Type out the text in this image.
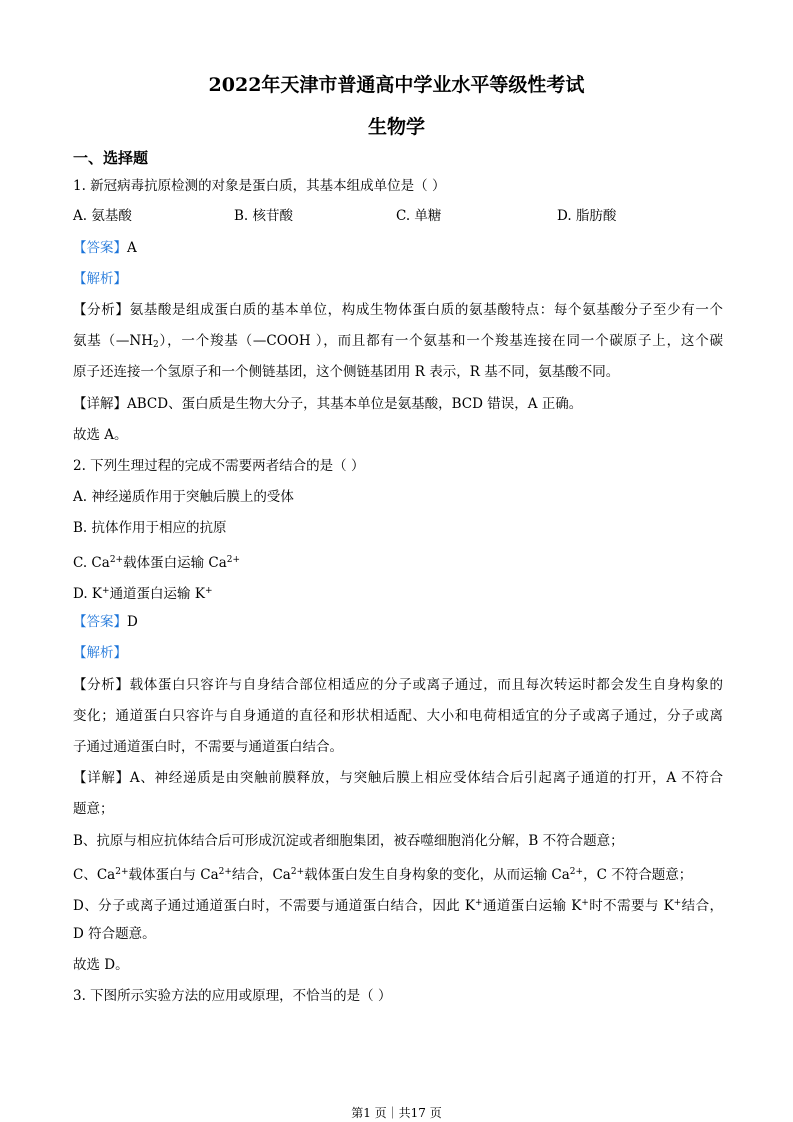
2022年天津市普通高中学业水平等级性考试
生物学
一、选择题
1. 新冠病毒抗原检测的对象是蛋白质，其基本组成单位是（ ）
A. 氨基酸	B. 核苷酸	C. 单糖	D. 脂肪酸
【答案】A
【解析】
【分析】氨基酸是组成蛋白质的基本单位，构成生物体蛋白质的氨基酸特点：每个氨基酸分子至少有一个
氨基$(—NH_2)$，一个羧基（—COOH ），而且都有一个氨基和一个羧基连接在同一个碳原子上，这个碳
原子还连接一个氢原子和一个侧链基团，这个侧链基团用 R 表示，R 基不同，氨基酸不同。
【详解】ABCD、蛋白质是生物大分子，其基本单位是氨基酸，BCD 错误，A 正确。
故选 A。
2. 下列生理过程的完成不需要两者结合的是（ ）
A. 神经递质作用于突触后膜上的受体
B. 抗体作用于相应的抗原
C. $Ca^{2+}$载体蛋白运输 $Ca^{2+}$
D. K+通道蛋白运输 K+
【答案】D
【解析】
【分析】载体蛋白只容许与自身结合部位相适应的分子或离子通过，而且每次转运时都会发生自身构象的
变化；通道蛋白只容许与自身通道的直径和形状相适配、大小和电荷相适宜的分子或离子通过，分子或离
子通过通道蛋白时，不需要与通道蛋白结合。
【详解】A、神经递质是由突触前膜释放，与突触后膜上相应受体结合后引起离子通道的打开，A 不符合
题意；
B、抗原与相应抗体结合后可形成沉淀或者细胞集团，被吞噬细胞消化分解，B 不符合题意；
C、$Ca^{2+}$载体蛋白与 $Ca^{2+}$结合，$Ca^{2+}$载体蛋白发生自身构象的变化，从而运输 $Ca^{2+}$，C 不符合题意；
D、分子或离子通过通道蛋白时，不需要与通道蛋白结合，因此 K+通道蛋白运输 K+时不需要与 K+结合，
D 符合题意。
故选 D。
3. 下图所示实验方法的应用或原理，不恰当的是（ ）
第1 页｜共17 页
